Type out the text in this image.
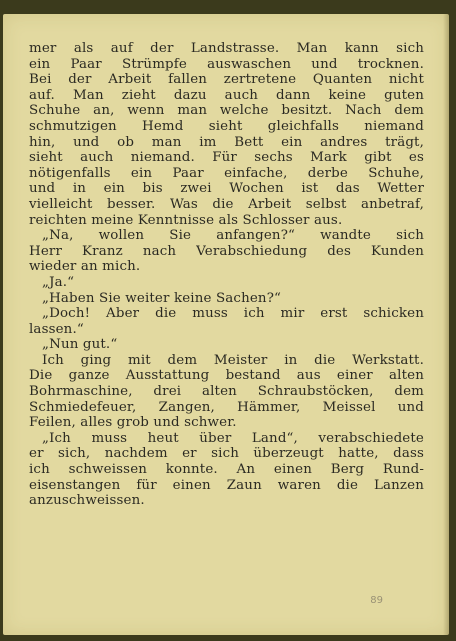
mer als auf der Landstrasse. Man kann sich

ein Paar Strümpfe auswaschen und trocknen.

Bei der Arbeit fallen zertretene Quanten nicht

auf. Man zieht dazu auch dann keine guten

Schuhe an, wenn man welche besitzt. Nach dem

schmutzigen Hemd sieht gleichfalls niemand

hin, und ob man im Bett ein andres trägt,

sieht auch niemand. Für sechs Mark gibt es

nötigenfalls ein Paar einfache, derbe Schuhe,

und in ein bis zwei Wochen ist das Wetter

vielleicht besser. Was die Arbeit selbst anbetraf,

reichten meine Kenntnisse als Schlosser aus.

„Na, wollen Sie anfangen?“ wandte sich

Herr Kranz nach Verabschiedung des Kunden

wieder an mich.

„Ja.“

„Haben Sie weiter keine Sachen?“

„Doch! Aber die muss ich mir erst schicken

lassen.“

„Nun gut.“

Ich ging mit dem Meister in die Werkstatt.

Die ganze Ausstattung bestand aus einer alten

Bohrmaschine, drei alten Schraubstöcken, dem

Schmiedefeuer, Zangen, Hämmer, Meissel und

Feilen, alles grob und schwer.

„Ich muss heut über Land“, verabschiedete

er sich, nachdem er sich überzeugt hatte, dass

ich schweissen konnte. An einen Berg Rund-

eisenstangen für einen Zaun waren die Lanzen

anzuschweissen.

89
